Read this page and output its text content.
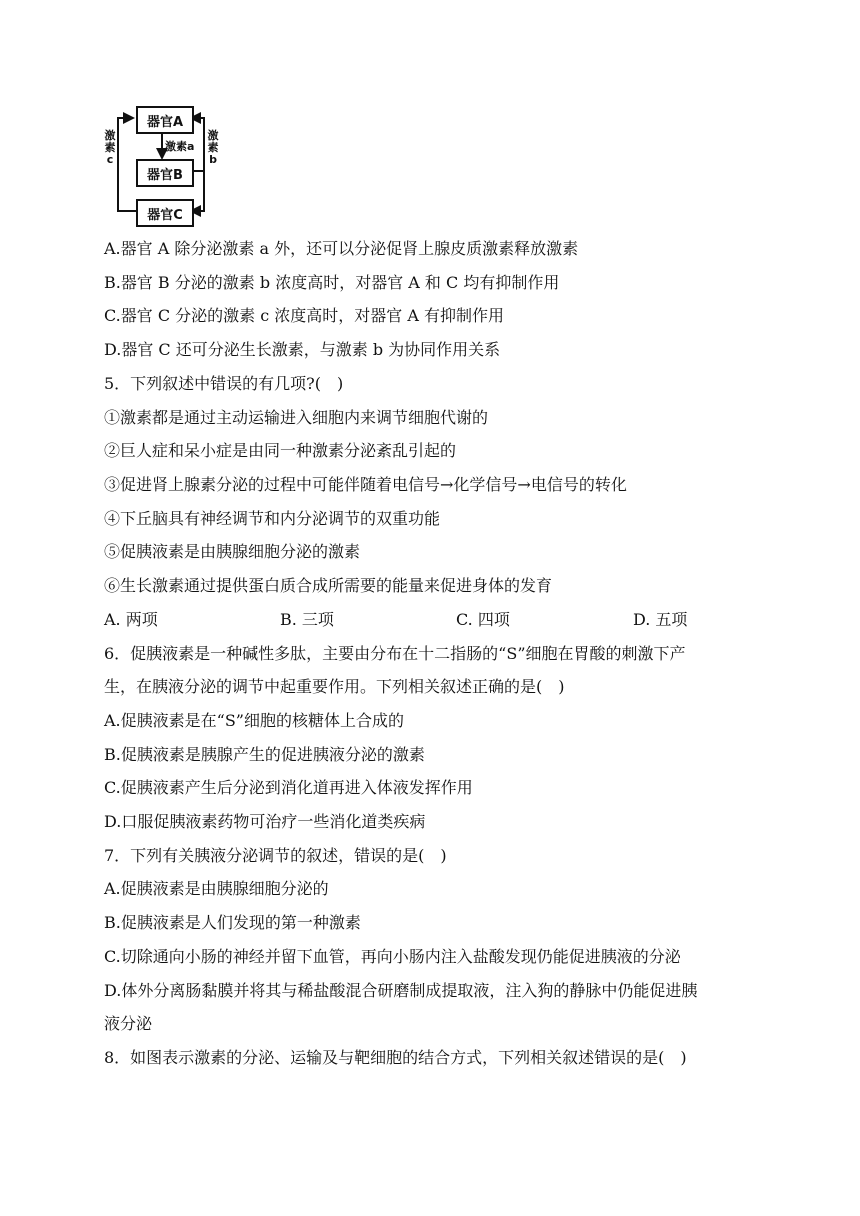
器官A
器官B
器官C
激素a
激素c
激素b
A.器官 A 除分泌激素 a 外，还可以分泌促肾上腺皮质激素释放激素
B.器官 B 分泌的激素 b 浓度高时，对器官 A 和 C 均有抑制作用
C.器官 C 分泌的激素 c 浓度高时，对器官 A 有抑制作用
D.器官 C 还可分泌生长激素，与激素 b 为协同作用关系
5．下列叙述中错误的有几项?(　)
①激素都是通过主动运输进入细胞内来调节细胞代谢的
②巨人症和呆小症是由同一种激素分泌紊乱引起的
③促进肾上腺素分泌的过程中可能伴随着电信号→化学信号→电信号的转化
④下丘脑具有神经调节和内分泌调节的双重功能
⑤促胰液素是由胰腺细胞分泌的激素
⑥生长激素通过提供蛋白质合成所需要的能量来促进身体的发育
A. 两项	B. 三项	C. 四项	D. 五项
6．促胰液素是一种碱性多肽，主要由分布在十二指肠的“S”细胞在胃酸的刺激下产
生，在胰液分泌的调节中起重要作用。下列相关叙述正确的是(　)
A.促胰液素是在“S”细胞的核糖体上合成的
B.促胰液素是胰腺产生的促进胰液分泌的激素
C.促胰液素产生后分泌到消化道再进入体液发挥作用
D.口服促胰液素药物可治疗一些消化道类疾病
7．下列有关胰液分泌调节的叙述，错误的是(　)
A.促胰液素是由胰腺细胞分泌的
B.促胰液素是人们发现的第一种激素
C.切除通向小肠的神经并留下血管，再向小肠内注入盐酸发现仍能促进胰液的分泌
D.体外分离肠黏膜并将其与稀盐酸混合研磨制成提取液，注入狗的静脉中仍能促进胰
液分泌
8．如图表示激素的分泌、运输及与靶细胞的结合方式，下列相关叙述错误的是(　)
